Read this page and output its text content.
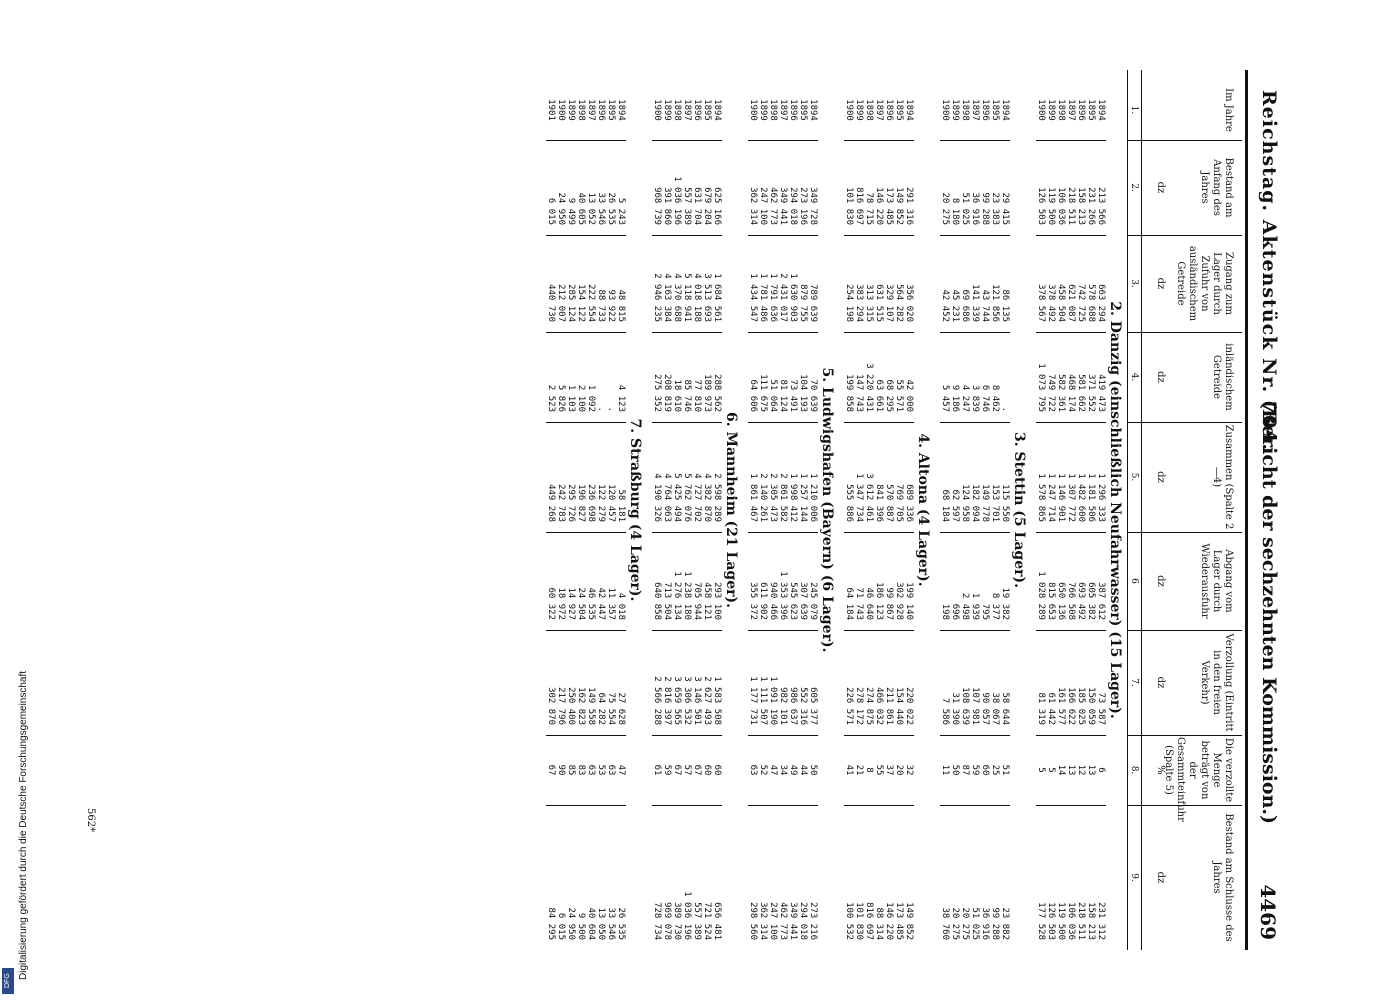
Reichstag. Aktenstück Nr. 704.
(Bericht der sechzehnten Kommission.)
4469
Im Jahre
1.
Bestand am Anfang des Jahres
dz
2.
Zugang zum Lager durch Zufuhr von ausländischem Getreide
dz
3.
inländischem Getreide
dz
4.
Zusammen (Spalte 2—4)
dz
5.
Abgang vom Lager durch Wiederausfuhr
dz
6
Verzollung (Eintritt in den freien Verkehr)
dz
7.
Die verzollte Menge beträgt von der Gesammteinfuhr (Spalte 5)
%
8.
Bestand am Schlusse des Jahres
dz
9.
2. Danzig (einschließlich Neufahrwasser) (15 Lager).
1894
213 566
663 294
419 473
1 296 333
387 612
73 587
6
231 312
1895
231 266
578 688
371 552
1 181 506
605 382
150 059
13
158 213
1896
158 213
742 725
581 662
1 482 600
693 492
185 025
12
218 511
1897
218 511
621 087
468 174
1 307 772
766 508
166 622
13
106 036
1898
106 036
458 504
582 361
1 146 901
650 136
161 577
14
119 500
1899
119 500
378 492
749 722
1 247 714
815 653
61 442
5
126 503
1900
126 503
378 567
1 073 795
1 578 865
1 028 289
81 319
5
177 528
3. Stettin (5 Lager).
1894
29 415
86 135
.
115 550
19 382
58 644
51
23 882
1895
23 383
121 856
8 462
153 701
8 377
38 067
25
99 288
1896
99 288
43 744
6 746
149 778
795
90 057
60
36 916
1897
36 916
141 339
3 839
182 094
1 939
107 981
59
51 025
1898
51 025
69 686
4 247
124 958
2 498
108 639
87
20 275
1899
8 180
45 231
9 186
62 597
696
31 390
50
20 275
1900
20 275
42 452
5 457
68 184
198
7 586
11
38 760
4. Altona (4 Lager).
1894
291 316
356 020
42 000
689 336
199 140
220 022
32
149 852
1895
149 852
564 282
55 571
769 705
302 928
154 440
20
173 485
1896
173 485
329 107
68 295
570 887
99 867
211 861
37
146 220
1897
146 220
631 515
63 661
841 396
186 123
466 032
55
88 314
1898
78 715
313 315
3 220 431
3 612 461
46 640
274 875
8
816 697
1899
816 697
383 294
147 743
1 347 734
71 743
278 172
21
101 830
1900
101 830
254 198
199 858
555 886
64 184
226 571
41
100 532
5. Ludwigshafen (Bayern) (6 Lager).
1894
349 728
789 639
70 639
1 210 006
245 079
605 377
50
273 216
1895
273 196
879 755
104 193
1 257 144
307 639
552 316
44
294 018
1896
294 018
1 630 903
73 491
1 998 412
545 623
986 637
49
349 441
1897
349 441
2 431 017
81 124
2 861 582
1 353 396
982 101
34
462 773
1898
462 773
1 791 636
51 064
2 305 473
940 466
1 091 190
47
247 100
1899
247 100
1 781 486
111 675
2 140 261
611 902
1 111 507
52
362 314
1900
362 314
1 434 547
64 606
1 861 467
355 372
1 177 731
63
298 560
6. Mannheim (21 Lager).
1894
625 166
1 684 561
288 562
2 598 289
293 100
1 583 508
60
656 481
1895
679 204
3 513 693
189 973
4 382 870
458 121
2 627 493
60
721 524
1896
631 704
4 018 188
77 810
4 727 702
705 944
3 146 501
67
557 389
1897
557 389
5 118 941
85 746
5 762 076
1 238 180
3 306 532
57
1 036 196
1898
1 036 196
4 370 688
18 610
5 425 494
1 276 134
3 659 565
67
389 730
1899
391 860
4 163 384
208 819
4 764 063
713 504
2 816 397
59
969 078
1900
968 739
2 946 235
275 352
4 190 326
640 858
2 566 288
61
728 734
7. Straßburg (4 Lager).
1894
5 243
48 815
4 123
58 181
4 018
27 628
47
26 535
1895
26 535
93 922
.
120 457
11 357
75 554
63
33 546
1896
33 546
88 733
.
122 279
42 447
64 282
53
13 050
1897
13 052
222 554
1 092
236 698
46 535
149 558
63
40 604
1898
40 605
154 122
2 100
196 827
24 504
162 823
83
9 500
1899
9 499
285 124
1 103
295 726
14 927
250 400
85
24 950
1900
24 950
212 007
5 826
242 783
18 972
217 796
90
6 015
1901
6 015
440 730
2 523
449 268
60 322
302 870
67
84 295
562*
Digitalisierung gefördert durch die Deutsche Forschungsgemeinschaft
DFG
